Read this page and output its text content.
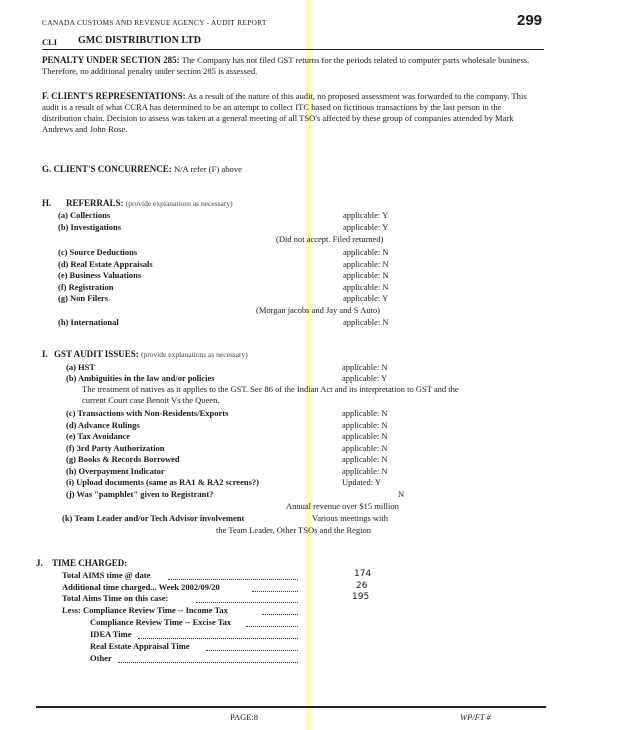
CANADA CUSTOMS AND REVENUE AGENCY - AUDIT REPORT	299
CLI GMC DISTRIBUTION LTD
PENALTY UNDER SECTION 285: The Company has not filed GST returns for the periods related to computer parts wholesale business. Therefore, no additional penalty under section 285 is assessed.
F. CLIENT'S REPRESENTATIONS: As a result of the nature of this audit, no proposed assessment was forwarded to the company. This audit is a result of what CCRA has determined to be an attempt to collect ITC based on fictitious transactions by the last person in the distribution chain. Decision to assess was taken at a general meeting of all TSO's affected by these group of companies attended by Mark Andrews and John Rose.
G. CLIENT'S CONCURRENCE: N/A refer (F) above
H. REFERRALS: (provide explanations as necessary)
(a) Collections	applicable: Y
(b) Investigations	applicable: Y
(Did not accept. Filed returned)
(c) Source Deductions	applicable: N
(d) Real Estate Appraisals	applicable: N
(e) Business Valuations	applicable: N
(f) Registration	applicable: N
(g) Non Filers	applicable: Y
(Morgan jacobs and Jay and S Auto)
(h) International	applicable: N
I. GST AUDIT ISSUES: (provide explanations as necessary)
(a) HST	applicable: N
(b) Ambiguities in the law and/or policies	applicable: Y
The treatment of natives as it applies to the GST. Sec 86 of the Indian Act and its interpretation to GST and the
current Court case Benoit Vs the Queen.
(c) Transactions with Non-Residents/Exports	applicable: N
(d) Advance Rulings	applicable: N
(e) Tax Avoidance	applicable: N
(f) 3rd Party Authorization	applicable: N
(g) Books & Records Borrowed	applicable: N
(h) Overpayment Indicator	applicable: N
(i) Upload documents (same as RA1 & RA2 screens?)	Updated: Y
(j) Was "pamphlet" given to Registrant?	N
Annual revenue over $15 million
(k) Team Leader and/or Tech Advisor involvement	Various meetings with
the Team Leader, Other TSOs and the Region
J. TIME CHARGED:
Total AIMS time @ date	174
Additional time charged... Week 2002/09/20	26
Total Aims Time on this case:	195
Less: Compliance Review Time -- Income Tax
Compliance Review Time -- Excise Tax
IDEA Time
Real Estate Appraisal Time
Other
PAGE:8	WP/FT #
